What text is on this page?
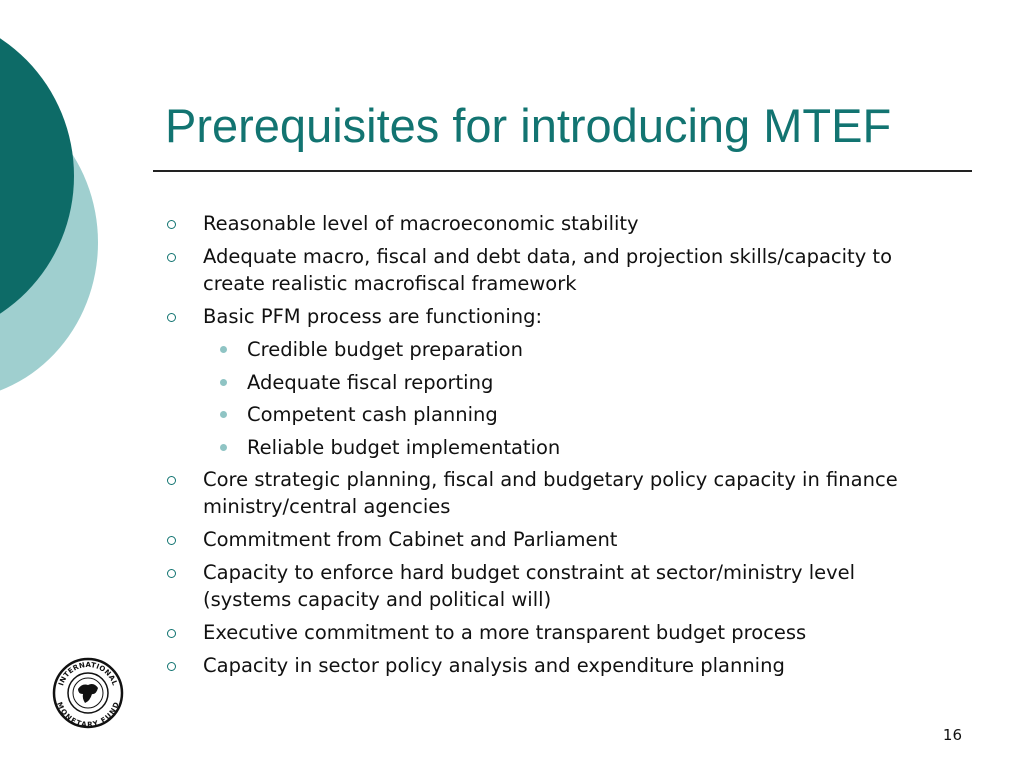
Prerequisites for introducing MTEF
Reasonable level of macroeconomic stability
Adequate macro, fiscal and debt data, and projection skills/capacity to create realistic macrofiscal framework
Basic PFM process are functioning:
Credible budget preparation
Adequate fiscal reporting
Competent cash planning
Reliable budget implementation
Core strategic planning, fiscal and budgetary policy capacity in finance ministry/central agencies
Commitment from Cabinet and Parliament
Capacity to enforce hard budget constraint at sector/ministry level (systems capacity and political will)
Executive commitment to a more transparent budget process
Capacity in sector policy analysis and expenditure planning
INTERNATIONAL
MONETARY FUND
16
